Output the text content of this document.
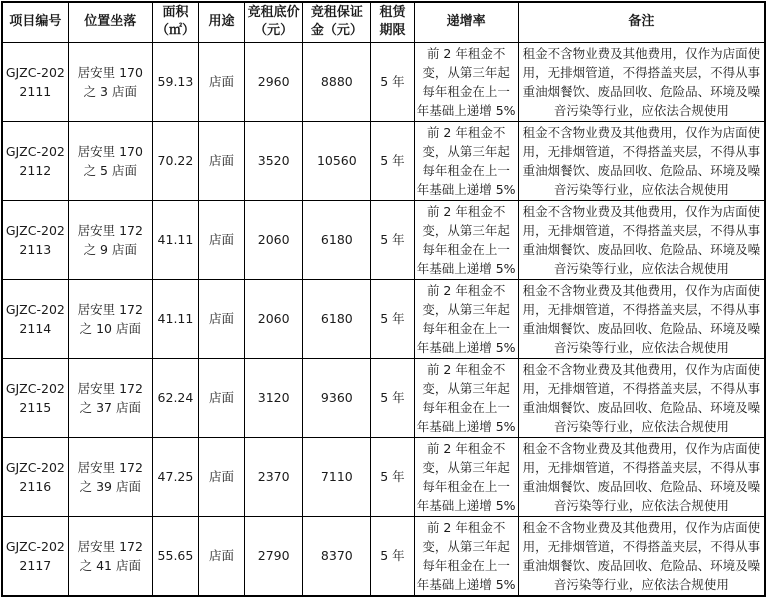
项目编号	位置坐落	面积（㎡）	用途	竞租底价（元）	竞租保证金（元）	租赁期限	递增率	备注
GJZC-2022111	居安里 170 之 3 店面	59.13	店面	2960	8880	5 年	前 2 年租金不变，从第三年起每年租金在上一年基础上递增 5%	租金不含物业费及其他费用，仅作为店面使用，无排烟管道，不得搭盖夹层，不得从事重油烟餐饮、废品回收、危险品、环境及噪音污染等行业，应依法合规使用
GJZC-2022112	居安里 170 之 5 店面	70.22	店面	3520	10560	5 年	前 2 年租金不变，从第三年起每年租金在上一年基础上递增 5%	租金不含物业费及其他费用，仅作为店面使用，无排烟管道，不得搭盖夹层，不得从事重油烟餐饮、废品回收、危险品、环境及噪音污染等行业，应依法合规使用
GJZC-2022113	居安里 172 之 9 店面	41.11	店面	2060	6180	5 年	前 2 年租金不变，从第三年起每年租金在上一年基础上递增 5%	租金不含物业费及其他费用，仅作为店面使用，无排烟管道，不得搭盖夹层，不得从事重油烟餐饮、废品回收、危险品、环境及噪音污染等行业，应依法合规使用
GJZC-2022114	居安里 172 之 10 店面	41.11	店面	2060	6180	5 年	前 2 年租金不变，从第三年起每年租金在上一年基础上递增 5%	租金不含物业费及其他费用，仅作为店面使用，无排烟管道，不得搭盖夹层，不得从事重油烟餐饮、废品回收、危险品、环境及噪音污染等行业，应依法合规使用
GJZC-2022115	居安里 172 之 37 店面	62.24	店面	3120	9360	5 年	前 2 年租金不变，从第三年起每年租金在上一年基础上递增 5%	租金不含物业费及其他费用，仅作为店面使用，无排烟管道，不得搭盖夹层，不得从事重油烟餐饮、废品回收、危险品、环境及噪音污染等行业，应依法合规使用
GJZC-2022116	居安里 172 之 39 店面	47.25	店面	2370	7110	5 年	前 2 年租金不变，从第三年起每年租金在上一年基础上递增 5%	租金不含物业费及其他费用，仅作为店面使用，无排烟管道，不得搭盖夹层，不得从事重油烟餐饮、废品回收、危险品、环境及噪音污染等行业，应依法合规使用
GJZC-2022117	居安里 172 之 41 店面	55.65	店面	2790	8370	5 年	前 2 年租金不变，从第三年起每年租金在上一年基础上递增 5%	租金不含物业费及其他费用，仅作为店面使用，无排烟管道，不得搭盖夹层，不得从事重油烟餐饮、废品回收、危险品、环境及噪音污染等行业，应依法合规使用
